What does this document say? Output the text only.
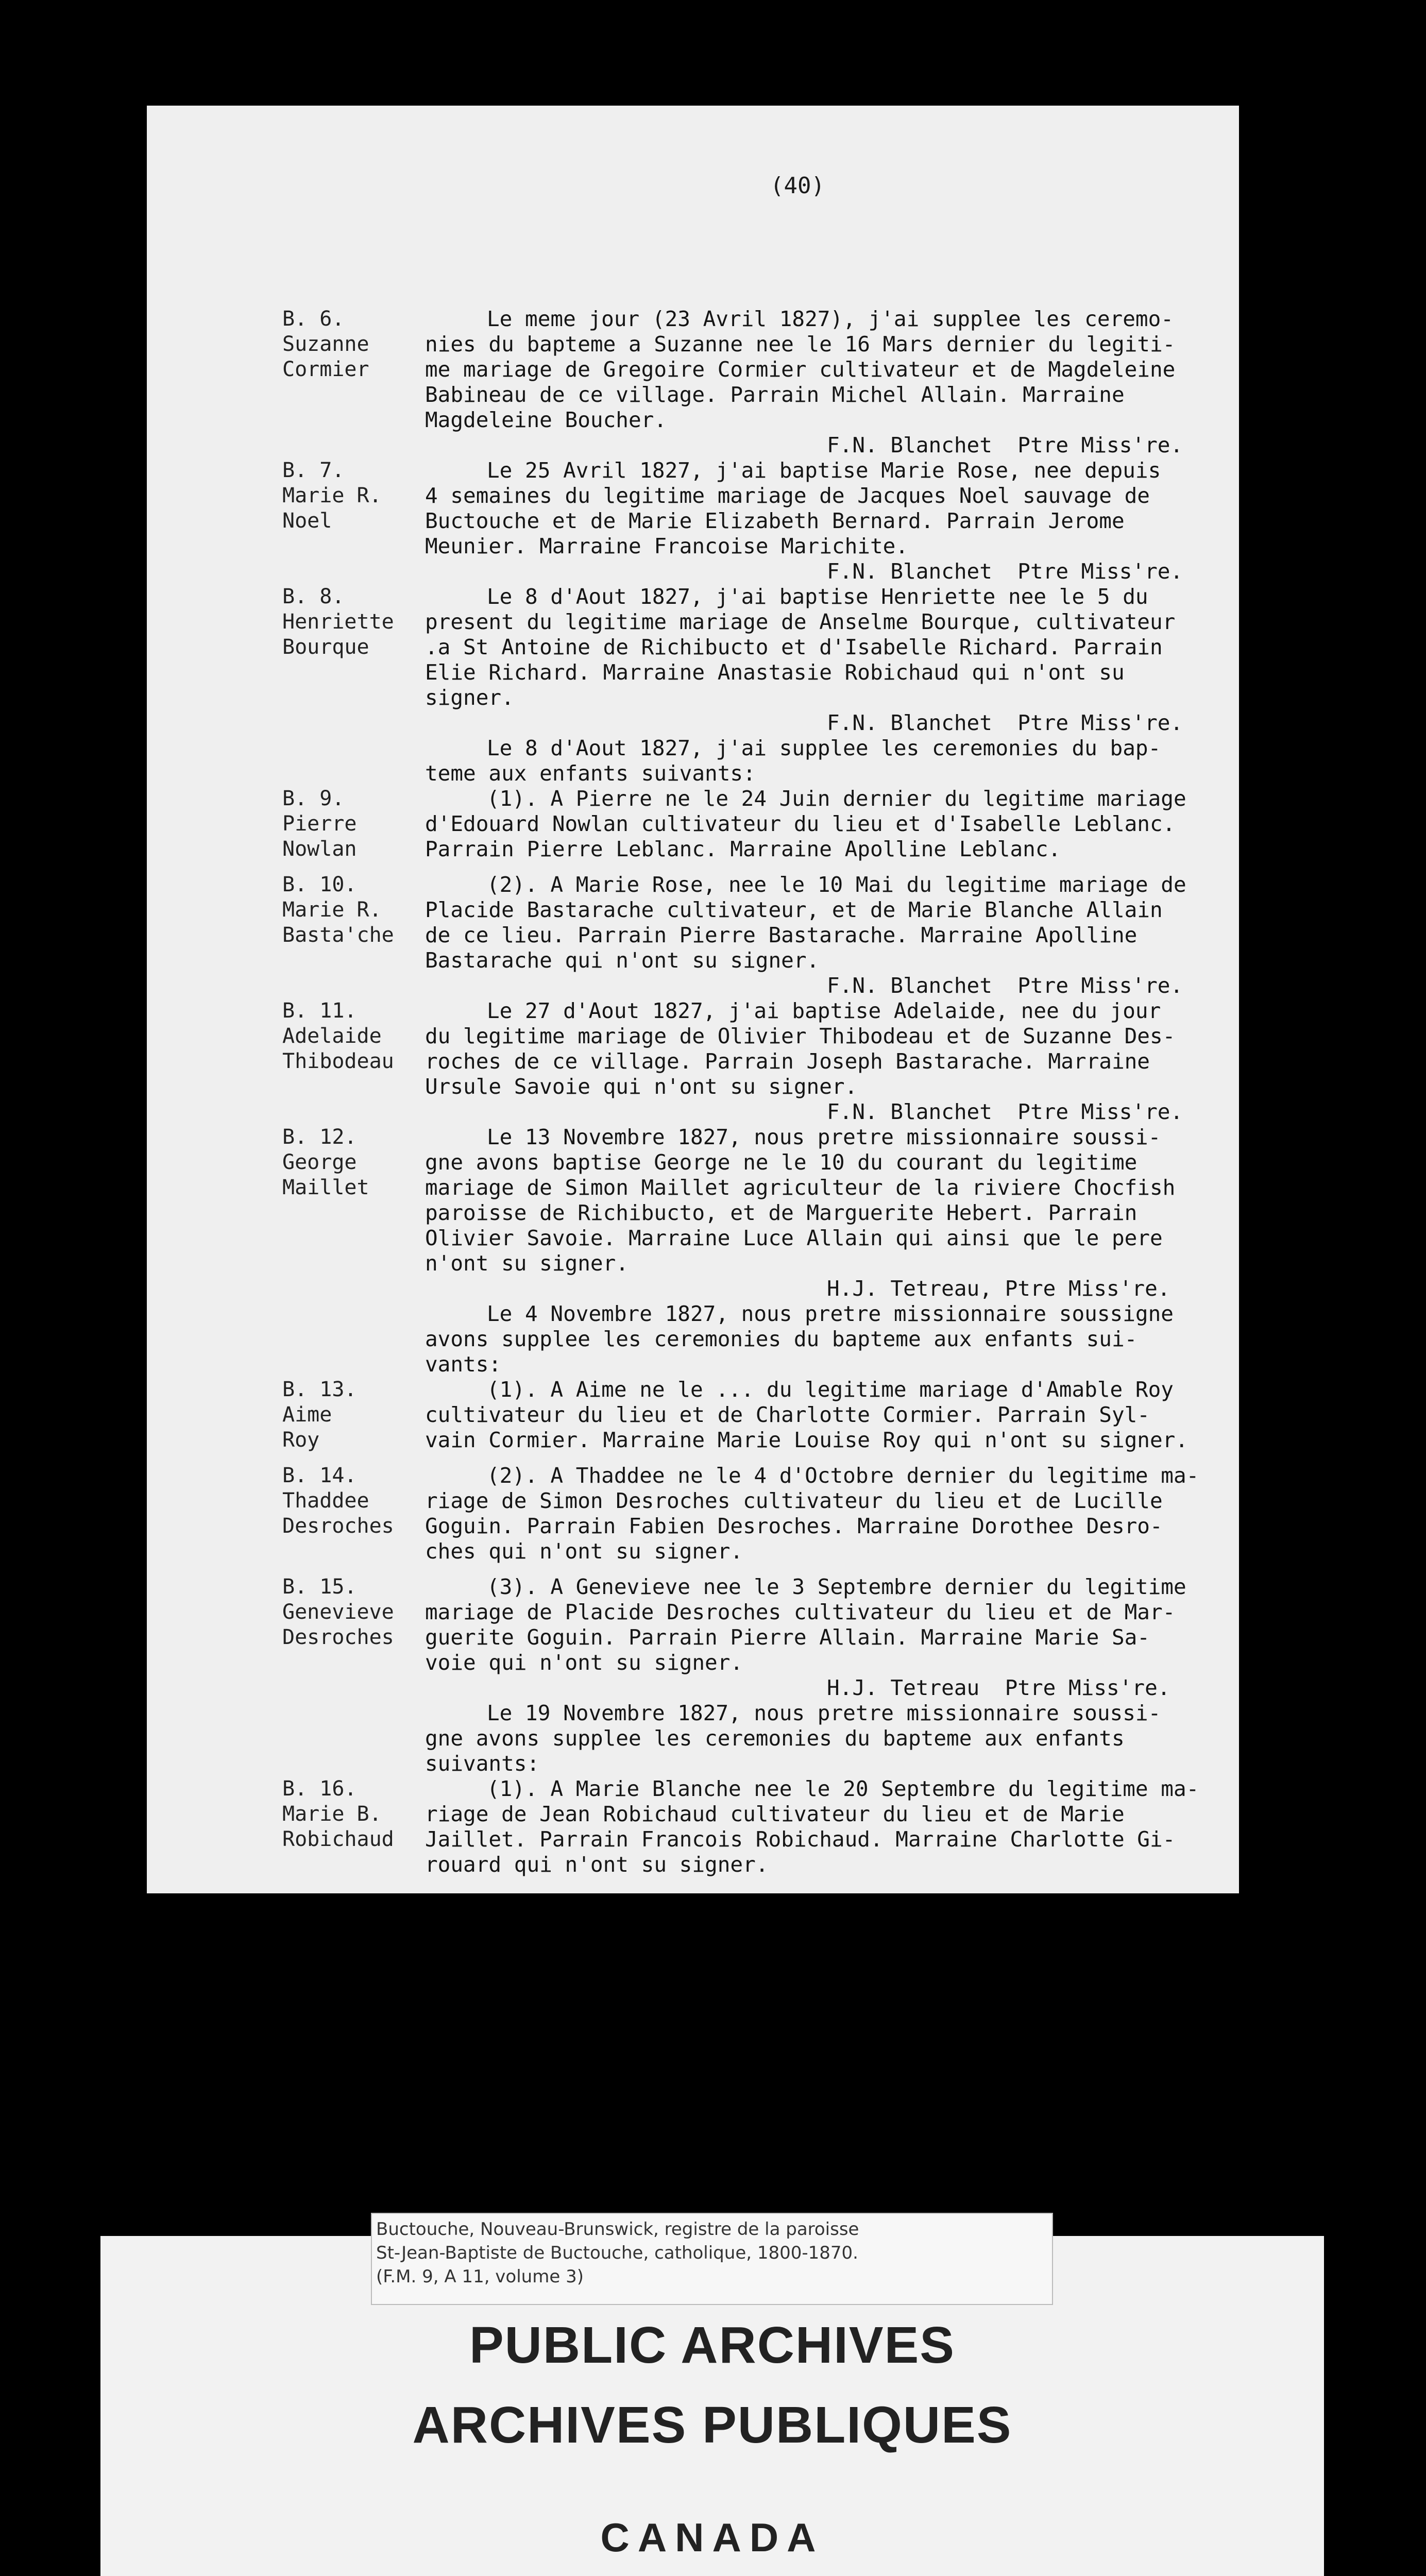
(40)
B. 6.
Suzanne
Cormier
Le meme jour (23 Avril 1827), j'ai supplee les ceremo-
nies du bapteme a Suzanne nee le 16 Mars dernier du legiti-
me mariage de Gregoire Cormier cultivateur et de Magdeleine
Babineau de ce village. Parrain Michel Allain. Marraine
Magdeleine Boucher.
F.N. Blanchet  Ptre Miss're.
B. 7.
Marie R.
Noel
Le 25 Avril 1827, j'ai baptise Marie Rose, nee depuis
4 semaines du legitime mariage de Jacques Noel sauvage de
Buctouche et de Marie Elizabeth Bernard. Parrain Jerome
Meunier. Marraine Francoise Marichite.
F.N. Blanchet  Ptre Miss're.
B. 8.
Henriette
Bourque
Le 8 d'Aout 1827, j'ai baptise Henriette nee le 5 du
present du legitime mariage de Anselme Bourque, cultivateur
.a St Antoine de Richibucto et d'Isabelle Richard. Parrain
Elie Richard. Marraine Anastasie Robichaud qui n'ont su
signer.
F.N. Blanchet  Ptre Miss're.
Le 8 d'Aout 1827, j'ai supplee les ceremonies du bap-
teme aux enfants suivants:
B. 9.
Pierre
Nowlan
(1). A Pierre ne le 24 Juin dernier du legitime mariage
d'Edouard Nowlan cultivateur du lieu et d'Isabelle Leblanc.
Parrain Pierre Leblanc. Marraine Apolline Leblanc.
B. 10.
Marie R.
Basta'che
(2). A Marie Rose, nee le 10 Mai du legitime mariage de
Placide Bastarache cultivateur, et de Marie Blanche Allain
de ce lieu. Parrain Pierre Bastarache. Marraine Apolline
Bastarache qui n'ont su signer.
F.N. Blanchet  Ptre Miss're.
B. 11.
Adelaide
Thibodeau
Le 27 d'Aout 1827, j'ai baptise Adelaide, nee du jour
du legitime mariage de Olivier Thibodeau et de Suzanne Des-
roches de ce village. Parrain Joseph Bastarache. Marraine
Ursule Savoie qui n'ont su signer.
F.N. Blanchet  Ptre Miss're.
B. 12.
George
Maillet
Le 13 Novembre 1827, nous pretre missionnaire soussi-
gne avons baptise George ne le 10 du courant du legitime
mariage de Simon Maillet agriculteur de la riviere Chocfish
paroisse de Richibucto, et de Marguerite Hebert. Parrain
Olivier Savoie. Marraine Luce Allain qui ainsi que le pere
n'ont su signer.
H.J. Tetreau, Ptre Miss're.
Le 4 Novembre 1827, nous pretre missionnaire soussigne
avons supplee les ceremonies du bapteme aux enfants sui-
vants:
B. 13.
Aime
Roy
(1). A Aime ne le ... du legitime mariage d'Amable Roy
cultivateur du lieu et de Charlotte Cormier. Parrain Syl-
vain Cormier. Marraine Marie Louise Roy qui n'ont su signer.
B. 14.
Thaddee
Desroches
(2). A Thaddee ne le 4 d'Octobre dernier du legitime ma-
riage de Simon Desroches cultivateur du lieu et de Lucille
Goguin. Parrain Fabien Desroches. Marraine Dorothee Desro-
ches qui n'ont su signer.
B. 15.
Genevieve
Desroches
(3). A Genevieve nee le 3 Septembre dernier du legitime
mariage de Placide Desroches cultivateur du lieu et de Mar-
guerite Goguin. Parrain Pierre Allain. Marraine Marie Sa-
voie qui n'ont su signer.
H.J. Tetreau  Ptre Miss're.
Le 19 Novembre 1827, nous pretre missionnaire soussi-
gne avons supplee les ceremonies du bapteme aux enfants
suivants:
B. 16.
Marie B.
Robichaud
(1). A Marie Blanche nee le 20 Septembre du legitime ma-
riage de Jean Robichaud cultivateur du lieu et de Marie
Jaillet. Parrain Francois Robichaud. Marraine Charlotte Gi-
rouard qui n'ont su signer.
Buctouche, Nouveau-Brunswick, registre de la paroisse
St-Jean-Baptiste de Buctouche, catholique, 1800-1870.
(F.M. 9, A 11, volume 3)
PUBLIC ARCHIVES
ARCHIVES PUBLIQUES
CANADA
